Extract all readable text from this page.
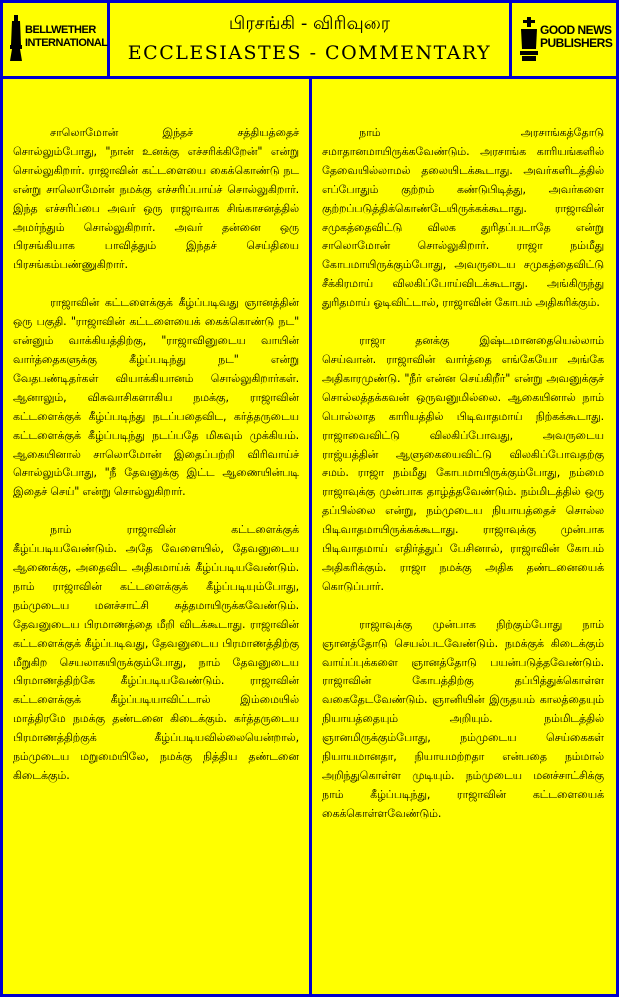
BELLWETHER
INTERNATIONAL
பிரசங்கி - விரிவுரை
ECCLESIASTES - COMMENTARY
GOOD NEWS
PUBLISHERS

சாலொமோன் இந்தச் சத்தியத்தைச் சொல்லும்போது, "நான் உனக்கு எச்சரிக்கிறேன்" என்று சொல்லுகிறார். ராஜாவின் கட்டளையை கைக்கொண்டு நட என்று சாலொமோன் நமக்கு எச்சரிப்பாய்ச் சொல்லுகிறார். இந்த எச்சரிப்பை அவர் ஒரு ராஜாவாக சிங்காசனத்தில் அமர்ந்தும் சொல்லுகிறார். அவர் தன்னை ஒரு பிரசங்கியாக பாவித்தும் இந்தச் செய்தியை பிரசங்கம்பண்ணுகிறார்.

ராஜாவின் கட்டளைக்குக் கீழ்ப்படிவது ஞானத்தின் ஒரு பகுதி. "ராஜாவின் கட்டளையைக் கைக்கொண்டு நட" என்னும் வாக்கியத்திற்கு, "ராஜாவினுடைய வாயின் வார்த்தைகளுக்கு கீழ்ப்படிந்து நட" என்று வேதபண்டிதர்கள் வியாக்கியானம் சொல்லுகிறார்கள். ஆனாலும், விசுவாசிகளாகிய நமக்கு, ராஜாவின் கட்டளைக்குக் கீழ்ப்படிந்து நடப்பதைவிட, கர்த்தருடைய கட்டளைக்குக் கீழ்ப்படிந்து நடப்பதே மிகவும் முக்கியம். ஆகையினால் சாலொமோன் இதைப்பற்றி விரிவாய்ச் சொல்லும்போது, "நீ தேவனுக்கு இட்ட ஆணையின்படி இதைச் செய்" என்று சொல்லுகிறார்.

நாம் ராஜாவின் கட்டளைக்குக் கீழ்ப்படியவேண்டும். அதே வேளையில், தேவனுடைய ஆணைக்கு, அதைவிட அதிகமாய்க் கீழ்ப்படியவேண்டும். நாம் ராஜாவின் கட்டளைக்குக் கீழ்ப்படியும்போது, நம்முடைய மனச்சாட்சி சுத்தமாயிருக்கவேண்டும். தேவனுடைய பிரமாணத்தை மீறி விடக்கூடாது. ராஜாவின் கட்டளைக்குக் கீழ்ப்படிவது, தேவனுடைய பிரமாணத்திற்கு மீறுகிற செயலாகயிருக்கும்போது, நாம் தேவனுடைய பிரமாணத்திற்கே கீழ்ப்படியவேண்டும். ராஜாவின் கட்டளைக்குக் கீழ்ப்படியாவிட்டால் இம்மையில் மாத்திரமே நமக்கு தண்டனை கிடைக்கும். கர்த்தருடைய பிரமாணத்திற்குக் கீழ்ப்படியவில்லையென்றால், நம்முடைய மறுமையிலே, நமக்கு நித்திய தண்டனை கிடைக்கும்.

நாம் அரசாங்கத்தோடு சமாதானமாயிருக்கவேண்டும். அரசாங்க காரியங்களில் தேவையில்லாமல் தலையிடக்கூடாது. அவர்களிடத்தில் எப்போதும் குற்றம் கண்டுபிடித்து, அவர்களை குற்றப்படுத்திக்கொண்டேயிருக்கக்கூடாது. ராஜாவின் சமுகத்தைவிட்டு விலக துரிதப்படாதே என்று சாலொமோன் சொல்லுகிறார். ராஜா நம்மீது கோபமாயிருக்கும்போது, அவருடைய சமுகத்தைவிட்டு சீக்கிரமாய் விலகிப்போய்விடக்கூடாது. அங்கிருந்து துரிதமாய் ஓடிவிட்டால், ராஜாவின் கோபம் அதிகரிக்கும்.

ராஜா தனக்கு இஷ்டமானதையெல்லாம் செய்வான். ராஜாவின் வார்த்தை எங்கேயோ அங்கே அதிகாரமுண்டு. "நீர் என்ன செய்கிறீர்" என்று அவனுக்குச் சொல்லத்தக்கவன் ஒருவனுமில்லை. ஆகையினால் நாம் பொல்லாத காரியத்தில் பிடிவாதமாய் நிற்கக்கூடாது. ராஜாவைவிட்டு விலகிப்போவது, அவருடைய ராஜ்யத்தின் ஆளுகையைவிட்டு விலகிப்போவதற்கு சமம். ராஜா நம்மீது கோபமாயிருக்கும்போது, நம்மை ராஜாவுக்கு முன்பாக தாழ்த்தவேண்டும். நம்மிடத்தில் ஒரு தப்பில்லை என்று, நம்முடைய நியாயத்தைச் சொல்ல பிடிவாதமாயிருக்கக்கூடாது. ராஜாவுக்கு முன்பாக பிடிவாதமாய் எதிர்த்துப் பேசினால், ராஜாவின் கோபம் அதிகரிக்கும். ராஜா நமக்கு அதிக தண்டனையைக் கொடுப்பார்.

ராஜாவுக்கு முன்பாக நிற்கும்போது நாம் ஞானத்தோடு செயல்படவேண்டும். நமக்குக் கிடைக்கும் வாய்ப்புக்களை ஞானத்தோடு பயன்படுத்தவேண்டும். ராஜாவின் கோபத்திற்கு தப்பித்துக்கொள்ள வகைதேடவேண்டும். ஞானியின் இருதயம் காலத்தையும் நியாயத்தையும் அறியும். நம்மிடத்தில் ஞானமிருக்கும்போது, நம்முடைய செய்கைகள் நியாயமானதா, நியாயமற்றதா என்பதை நம்மால் அறிந்துகொள்ள முடியும். நம்முடைய மனச்சாட்சிக்கு நாம் கீழ்ப்படிந்து, ராஜாவின் கட்டளையைக் கைக்கொள்ளவேண்டும்.
